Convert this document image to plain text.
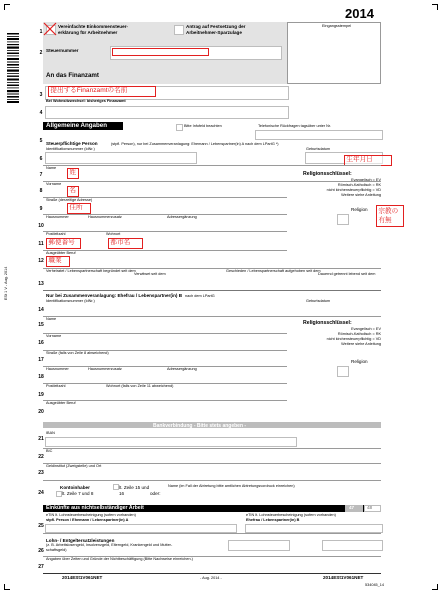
2014
Eingangsstempel
1
Vereinfachte Einkommensteuer-
erklärung für Arbeitnehmer
Antrag auf Festsetzung der
Arbeitnehmer-Sparzulage
2 Steuernummer
An das Finanzamt
3
提出するFinanzamtの名前
Bei Wohnsitzwechsel: bisheriges Finanzamt
4
Allgemeine Angaben	Bitte Infofeld beachten	Telefonische Rückfragen tagsüber unter Nr.
5 Steuerpflichtige Person	(stpfl. Person), nur bei Zusammenveranlagung: Ehemann / Lebenspartner(in) A nach dem LPartG *)
Identifikationsnummer (IdNr.)	Geburtsdatum
6	生年月日
Name
7	姓	Religionsschlüssel:
Evangelisch = EV
Römisch-Katholisch = RK
nicht kirchensteuerpflichtig = VD
Weitere siehe Anleitung
Vorname
8	名
Straße (derzeitige Adresse)
9	住所	Religion 宗教の
有無
Hausnummer	Hausnummerzusatz	Adressergänzung
10
Postleitzahl	Wohnort
11 郵便番号	都市名
Ausgeübter Beruf
12 職業
Verheiratet / Lebenspartnerschaft begründet seit dem
Verwitwet seit dem
Geschieden / Lebenspartnerschaft aufgehoben seit dem
Dauernd getrennt lebend seit dem
13
Nur bei Zusammenveranlagung: Ehefrau / Lebenspartner(in) B nach dem LPartG
Identifikationsnummer (IdNr.)	Geburtsdatum
14
Name
15	Religionsschlüssel:
Evangelisch = EV
Römisch-Katholisch = RK
nicht kirchensteuerpflichtig = VD
Weitere siehe Anleitung
Vorname
16
Straße (falls von Zeile 8 abweichend)
17	Religion
Hausnummer	Hausnummerzusatz	Adressergänzung
18
Postleitzahl	Wohnort (falls von Zeile 11 abweichend)
19
Ausgeübter Beruf
20
Bankverbindung - Bitte stets angeben -
IBAN
21
BIC
22
Geldinstitut (Zweigstelle) und Ort
23
Kontoinhaber
lt. Zeile 7 und 8
lt. Zeile 15 und 16	oder:
Name (im Fall der Abtretung bitte amtlichen Abtretungsvordruck einreichen)
24
Einkünfte aus nichtselbständiger Arbeit	47	48
eTIN lt. Lohnsteuerbescheinigung (sofern vorhanden)
stpfl. Person / Ehemann / Lebenspartner(in) A
eTIN lt. Lohnsteuerbescheinigung (sofern vorhanden)
Ehefrau / Lebenspartner(in) B
25
Lohn- / Entgeltersatzleistungen
(z. B. Arbeitslosengeld, Insolvenzgeld, Elterngeld, Krankengeld und Mutter-
schaftsgeld)
26
Angaben über Zeiten und Gründe der Nichtbeschäftigung (Bitte Nachweise einreichen.)
27
2014ESt1V061NET	- Aug. 2014 -	2014ESt1V061NET
534045_14
ESt 1 V - Aug. 2014
